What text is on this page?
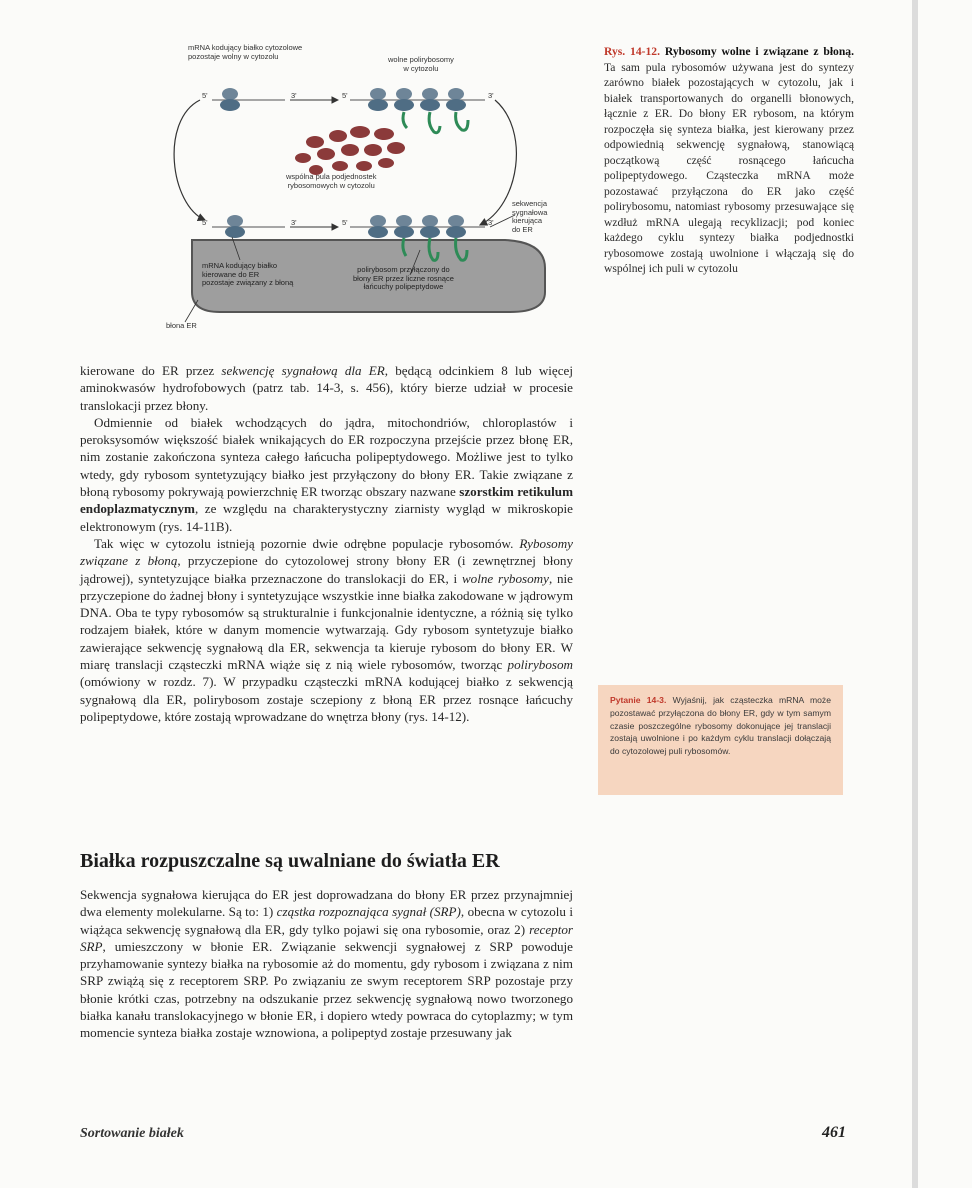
mRNA kodujący białko cytozolowe
pozostaje wolny w cytozolu	wolne polirybosomy
w cytozolu
wspólna pula podjednostek
rybosomowych w cytozolu
sekwencja
sygnałowa
kierująca
do ER
mRNA kodujący białko
kierowane do ER
pozostaje związany z błoną
polirybosom przyłączony do
błony ER przez liczne rosnące
łańcuchy polipeptydowe
błona ER
5'	3'	5'	3'
5'	3'	5'	3'
Rys. 14-12. Rybosomy wolne i związane z błoną. Ta sam pula rybosomów używana jest do syntezy zarówno białek pozostających w cytozolu, jak i białek transportowanych do organelli błonowych, łącznie z ER. Do błony ER rybosom, na którym rozpoczęła się synteza białka, jest kierowany przez odpowiednią sekwencję sygnałową, stanowiącą początkową część rosnącego łańcucha polipeptydowego. Cząsteczka mRNA może pozostawać przyłączona do ER jako część polirybosomu, natomiast rybosomy przesuwające się wzdłuż mRNA ulegają recyklizacji; pod koniec każdego cyklu syntezy białka podjednostki rybosomowe zostają uwolnione i włączają się do wspólnej ich puli w cytozolu

kierowane do ER przez sekwencję sygnałową dla ER, będącą odcinkiem 8 lub więcej aminokwasów hydrofobowych (patrz tab. 14-3, s. 456), który bierze udział w procesie translokacji przez błony.

Odmiennie od białek wchodzących do jądra, mitochondriów, chloroplastów i peroksysomów większość białek wnikających do ER rozpoczyna przejście przez błonę ER, nim zostanie zakończona synteza całego łańcucha polipeptydowego. Możliwe jest to tylko wtedy, gdy rybosom syntetyzujący białko jest przyłączony do błony ER. Takie związane z błoną rybosomy pokrywają powierzchnię ER tworząc obszary nazwane szorstkim retikulum endoplazmatycznym, ze względu na charakterystyczny ziarnisty wygląd w mikroskopie elektronowym (rys. 14-11B).

Tak więc w cytozolu istnieją pozornie dwie odrębne populacje rybosomów. Rybosomy związane z błoną, przyczepione do cytozolowej strony błony ER (i zewnętrznej błony jądrowej), syntetyzujące białka przeznaczone do translokacji do ER, i wolne rybosomy, nie przyczepione do żadnej błony i syntetyzujące wszystkie inne białka zakodowane w jądrowym DNA. Oba te typy rybosomów są strukturalnie i funkcjonalnie identyczne, a różnią się tylko rodzajem białek, które w danym momencie wytwarzają. Gdy rybosom syntetyzuje białko zawierające sekwencję sygnałową dla ER, sekwencja ta kieruje rybosom do błony ER. W miarę translacji cząsteczki mRNA wiąże się z nią wiele rybosomów, tworząc polirybosom (omówiony w rozdz. 7). W przypadku cząsteczki mRNA kodującej białko z sekwencją sygnałową dla ER, polirybosom zostaje sczepiony z błoną ER przez rosnące łańcuchy polipeptydowe, które zostają wprowadzane do wnętrza błony (rys. 14-12).

Pytanie 14-3. Wyjaśnij, jak cząsteczka mRNA może pozostawać przyłączona do błony ER, gdy w tym samym czasie poszczególne rybosomy dokonujące jej translacji zostają uwolnione i po każdym cyklu translacji dołączają do cytozolowej puli rybosomów.
Białka rozpuszczalne są uwalniane do światła ER

Sekwencja sygnałowa kierująca do ER jest doprowadzana do błony ER przez przynajmniej dwa elementy molekularne. Są to: 1) cząstka rozpoznająca sygnał (SRP), obecna w cytozolu i wiążąca sekwencję sygnałową dla ER, gdy tylko pojawi się ona rybosomie, oraz 2) receptor SRP, umieszczony w błonie ER. Związanie sekwencji sygnałowej z SRP powoduje przyhamowanie syntezy białka na rybosomie aż do momentu, gdy rybosom i związana z nim SRP zwiążą się z receptorem SRP. Po związaniu ze swym receptorem SRP pozostaje przy błonie krótki czas, potrzebny na odszukanie przez sekwencję sygnałową nowo tworzonego białka kanału translokacyjnego w błonie ER, i dopiero wtedy powraca do cytoplazmy; w tym momencie synteza białka zostaje wznowiona, a polipeptyd zostaje przesuwany jak

Sortowanie białek	461
